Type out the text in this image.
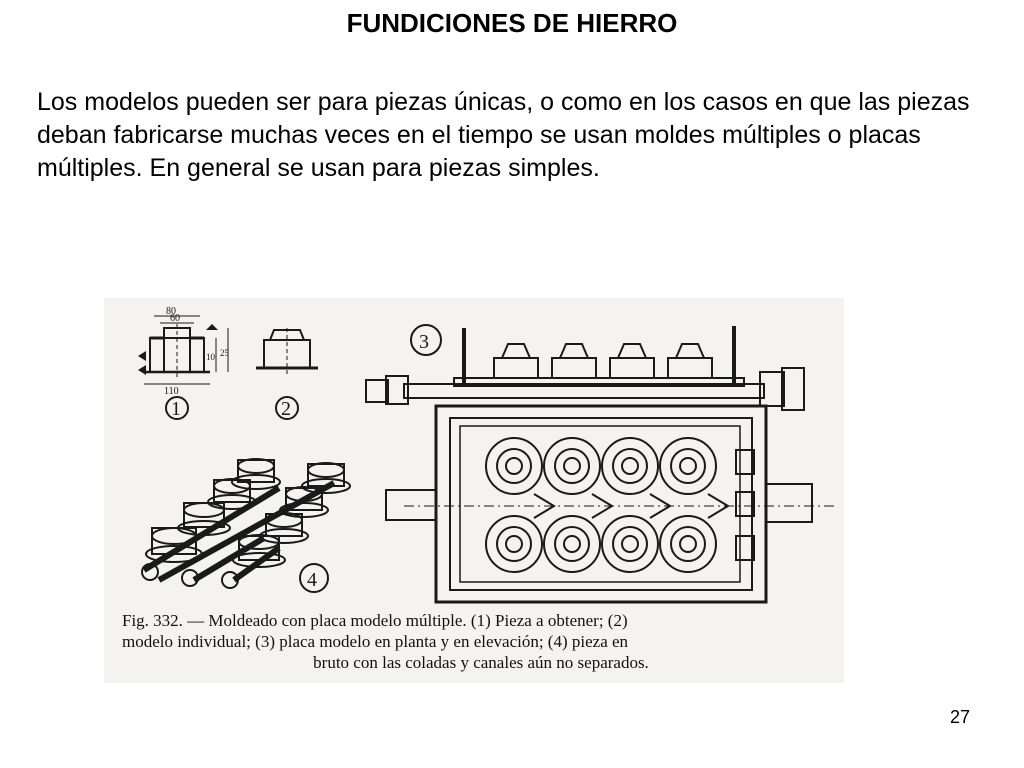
FUNDICIONES DE HIERRO
Los modelos pueden ser para piezas únicas, o como en los casos en que las piezas deban fabricarse muchas veces en el tiempo se usan moldes múltiples o placas múltiples. En general se usan para piezas simples.
80
60
110
10 25
1	2
4
3
Fig. 332. — Moldeado con placa modelo múltiple. (1) Pieza a obtener; (2)
modelo individual; (3) placa modelo en planta y en elevación; (4) pieza en
bruto con las coladas y canales aún no separados.
27
